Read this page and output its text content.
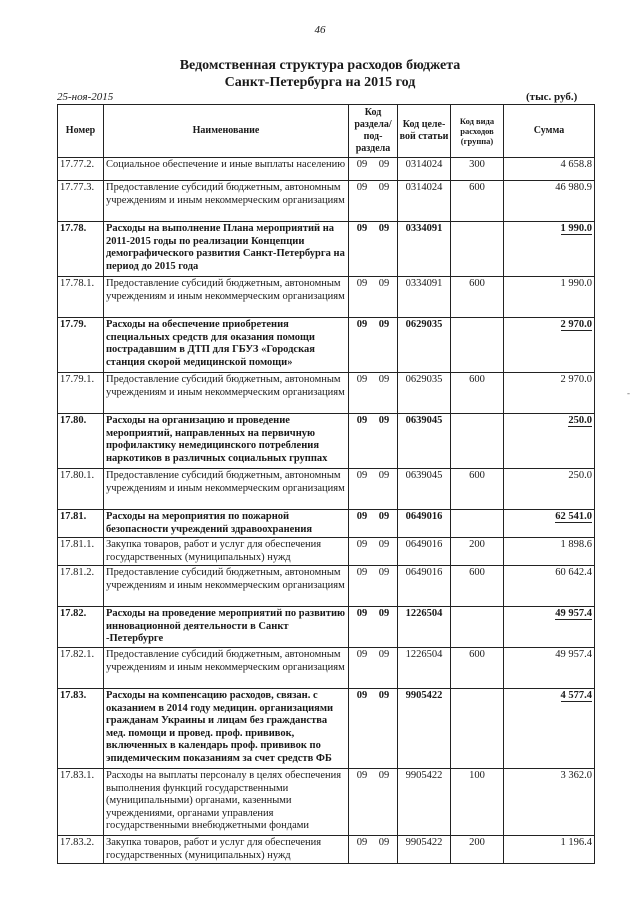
46
Ведомственная структура расходов бюджета
Санкт-Петербурга на 2015 год
25-ноя-2015	(тыс. руб.)
-
Номер	Наименование	Код раздела/ под- раздела	Код целе- вой статьи	Код вида расходов (группа)	Сумма
17.77.2.	Социальное обеспечение и иные выплаты населению	09 09	0314024	300	4 658.8
17.77.3.	Предоставление субсидий бюджетным, автономным учреждениям и иным некоммерческим организациям	09 09	0314024	600	46 980.9
17.78.	Расходы на выполнение Плана мероприятий на 2011-2015 годы по реализации Концепции демографического развития Санкт-Петербурга на период до 2015 года	09 09	0334091		1 990.0
17.78.1.	Предоставление субсидий бюджетным, автономным учреждениям и иным некоммерческим организациям	09 09	0334091	600	1 990.0
17.79.	Расходы на обеспечение приобретения специальных средств для оказания помощи пострадавшим в ДТП для ГБУЗ «Городская станция скорой медицинской помощи»	09 09	0629035		2 970.0
17.79.1.	Предоставление субсидий бюджетным, автономным учреждениям и иным некоммерческим организациям	09 09	0629035	600	2 970.0
17.80.	Расходы на организацию и проведение мероприятий, направленных на первичную профилактику немедицинского потребления наркотиков в различных социальных группах	09 09	0639045		250.0
17.80.1.	Предоставление субсидий бюджетным, автономным учреждениям и иным некоммерческим организациям	09 09	0639045	600	250.0
17.81.	Расходы на мероприятия по пожарной безопасности учреждений здравоохранения	09 09	0649016		62 541.0
17.81.1.	Закупка товаров, работ и услуг для обеспечения государственных (муниципальных) нужд	09 09	0649016	200	1 898.6
17.81.2.	Предоставление субсидий бюджетным, автономным учреждениям и иным некоммерческим организациям	09 09	0649016	600	60 642.4
17.82.	Расходы на проведение мероприятий по развитию инновационной деятельности в Санкт -Петербурге	09 09	1226504		49 957.4
17.82.1.	Предоставление субсидий бюджетным, автономным учреждениям и иным некоммерческим организациям	09 09	1226504	600	49 957.4
17.83.	Расходы на компенсацию расходов, связан. с оказанием в 2014 году медицин. организациями гражданам Украины и лицам без гражданства мед. помощи и провед. проф. прививок, включенных в календарь проф. прививок по эпидемическим показаниям за счет средств ФБ	09 09	9905422		4 577.4
17.83.1.	Расходы на выплаты персоналу в целях обеспечения выполнения функций государственными (муниципальными) органами, казенными учреждениями, органами управления государственными внебюджетными фондами	09 09	9905422	100	3 362.0
17.83.2.	Закупка товаров, работ и услуг для обеспечения государственных (муниципальных) нужд	09 09	9905422	200	1 196.4
